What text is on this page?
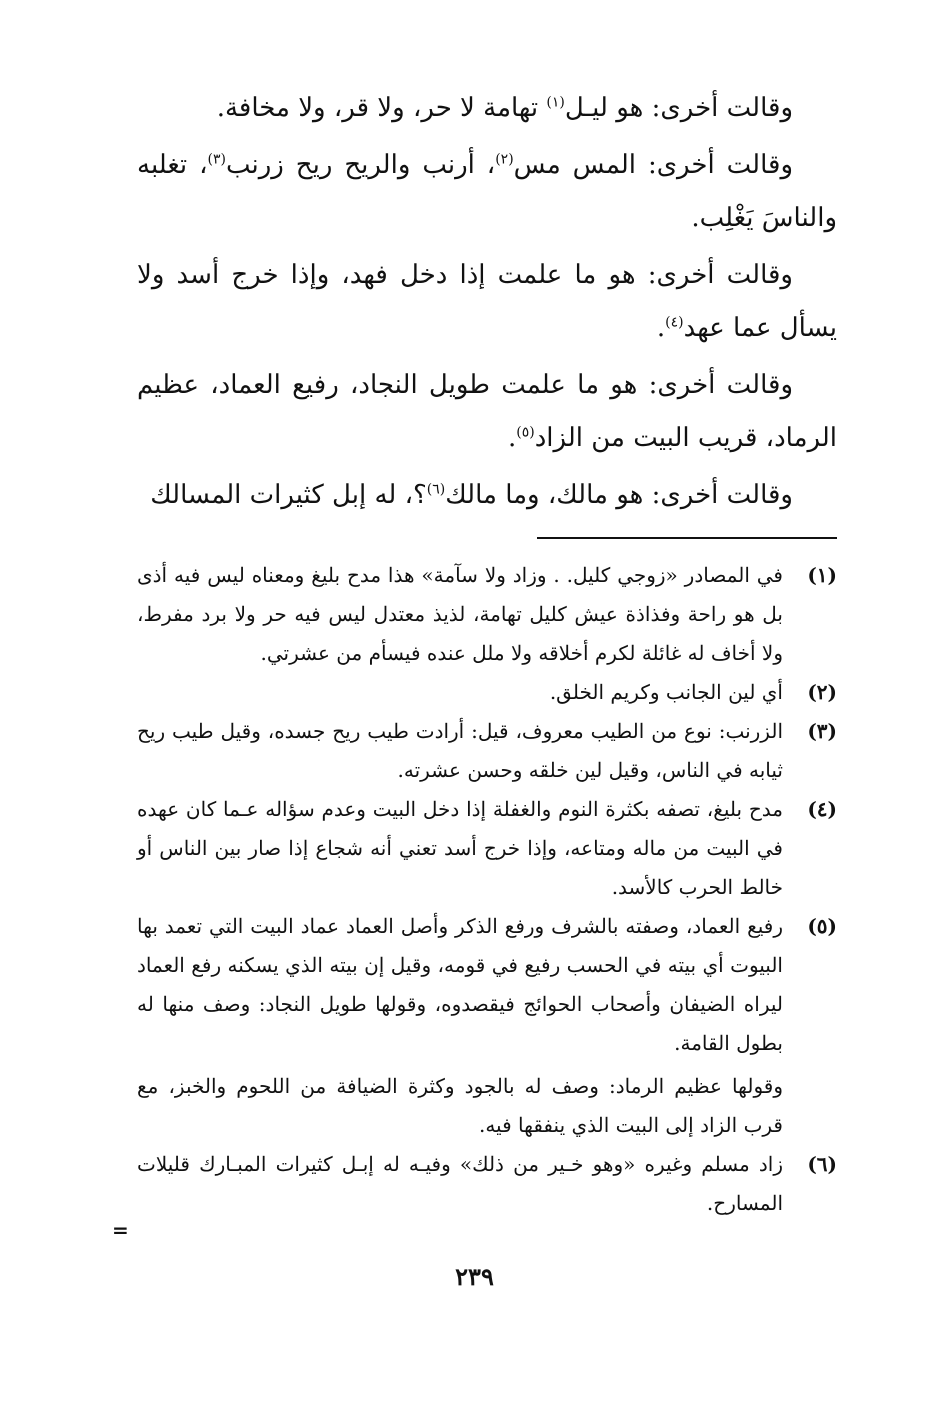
وقالت أخرى: هو ليـل$^{(١)}$ تهامة لا حر، ولا قر، ولا مخافة.

وقالت أخرى: المس مس$^{(٢)}$، أرنب والريح ريح زرنب$^{(٣)}$، تغلبه والناسَ يَغْلِب.

وقالت أخرى: هو ما علمت إذا دخل فهد، وإذا خرج أسد ولا يسأل عما عهد$^{(٤)}$.

وقالت أخرى: هو ما علمت طويل النجاد، رفيع العماد، عظيم الرماد، قريب البيت من الزاد$^{(٥)}$.

وقالت أخرى: هو مالك، وما مالك$^{(٦)}$؟، له إبل كثيرات المسالك

(١)

في المصادر «زوجي كليل. . وزاد ولا سآمة» هذا مدح بليغ ومعناه ليس فيه أذى بل هو راحة وفذاذة عيش كليل تهامة، لذيذ معتدل ليس فيه حر ولا برد مفرط، ولا أخاف له غائلة لكرم أخلاقه ولا ملل عنده فيسأم من عشرتي.

(٢)

أي لين الجانب وكريم الخلق.

(٣)

الزرنب: نوع من الطيب معروف، قيل: أرادت طيب ريح جسده، وقيل طيب ريح ثيابه في الناس، وقيل لين خلقه وحسن عشرته.

(٤)

مدح بليغ، تصفه بكثرة النوم والغفلة إذا دخل البيت وعدم سؤاله عـما كان عهده في البيت من ماله ومتاعه، وإذا خرج أسد تعني أنه شجاع إذا صار بين الناس أو خالط الحرب كالأسد.

(٥)

رفيع العماد، وصفته بالشرف ورفع الذكر وأصل العماد عماد البيت التي تعمد بها البيوت أي بيته في الحسب رفيع في قومه، وقيل إن بيته الذي يسكنه رفع العماد ليراه الضيفان وأصحاب الحوائج فيقصدوه، وقولها طويل النجاد: وصف منها له بطول القامة.

وقولها عظيم الرماد: وصف له بالجود وكثرة الضيافة من اللحوم والخبز، مع قرب الزاد إلى البيت الذي ينفقها فيه.

(٦)

زاد مسلم وغيره «وهو خـير من ذلك» وفيـه له إبـل كثيرات المبـارك قليلات المسارح.

=
٢٣٩
